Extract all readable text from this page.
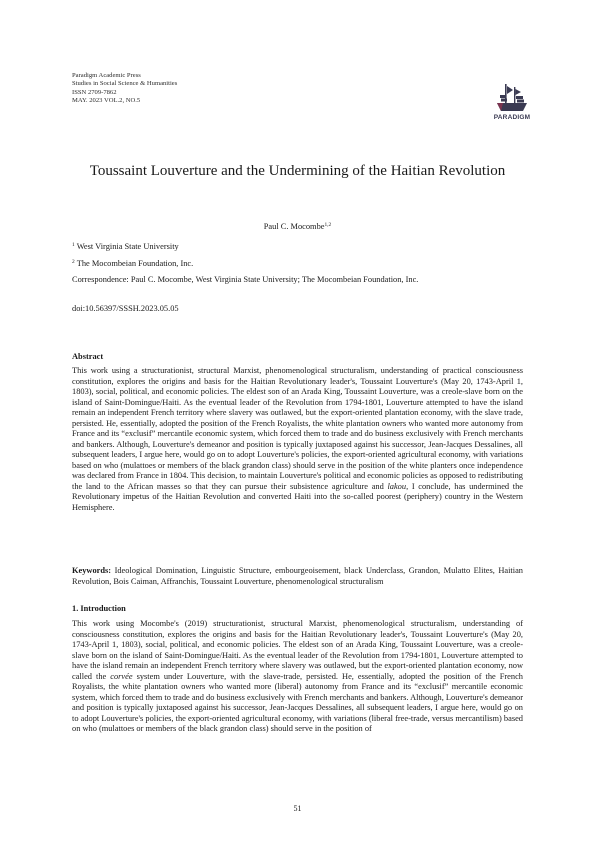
Paradigm Academic Press
Studies in Social Science & Humanities
ISSN 2709-7862
MAY. 2023 VOL.2, NO.5
PARADIGM
Toussaint Louverture and the Undermining of the Haitian Revolution
Paul C. Mocombe$^{1,2}$
$^1$ West Virginia State University
$^2$ The Mocombeian Foundation, Inc.
Correspondence: Paul C. Mocombe, West Virginia State University; The Mocombeian Foundation, Inc.
doi:10.56397/SSSH.2023.05.05
Abstract
This work using a structurationist, structural Marxist, phenomenological structuralism, understanding of practical consciousness constitution, explores the origins and basis for the Haitian Revolutionary leader's, Toussaint Louverture's (May 20, 1743-April 1, 1803), social, political, and economic policies. The eldest son of an Arada King, Toussaint Louverture, was a creole-slave born on the island of Saint-Domingue/Haiti. As the eventual leader of the Revolution from 1794-1801, Louverture attempted to have the island remain an independent French territory where slavery was outlawed, but the export-oriented plantation economy, with the slave trade, persisted. He, essentially, adopted the position of the French Royalists, the white plantation owners who wanted more autonomy from France and its “exclusif” mercantile economic system, which forced them to trade and do business exclusively with French merchants and bankers. Although, Louverture's demeanor and position is typically juxtaposed against his successor, Jean-Jacques Dessalines, all subsequent leaders, I argue here, would go on to adopt Louverture's policies, the export-oriented agricultural economy, with variations based on who (mulattoes or members of the black grandon class) should serve in the position of the white planters once independence was declared from France in 1804. This decision, to maintain Louverture's political and economic policies as opposed to redistributing the land to the African masses so that they can pursue their subsistence agriculture and lakou, I conclude, has undermined the Revolutionary impetus of the Haitian Revolution and converted Haiti into the so-called poorest (periphery) country in the Western Hemisphere.
Keywords: Ideological Domination, Linguistic Structure, embourgeoisement, black Underclass, Grandon, Mulatto Elites, Haitian Revolution, Bois Caiman, Affranchis, Toussaint Louverture, phenomenological structuralism
1. Introduction
This work using Mocombe's (2019) structurationist, structural Marxist, phenomenological structuralism, understanding of consciousness constitution, explores the origins and basis for the Haitian Revolutionary leader's, Toussaint Louverture's (May 20, 1743-April 1, 1803), social, political, and economic policies. The eldest son of an Arada King, Toussaint Louverture, was a creole-slave born on the island of Saint-Domingue/Haiti. As the eventual leader of the Revolution from 1794-1801, Louverture attempted to have the island remain an independent French territory where slavery was outlawed, but the export-oriented plantation economy, now called the corvée system under Louverture, with the slave-trade, persisted. He, essentially, adopted the position of the French Royalists, the white plantation owners who wanted more (liberal) autonomy from France and its “exclusif” mercantile economic system, which forced them to trade and do business exclusively with French merchants and bankers. Although, Louverture's demeanor and position is typically juxtaposed against his successor, Jean-Jacques Dessalines, all subsequent leaders, I argue here, would go on to adopt Louverture's policies, the export-oriented agricultural economy, with variations (liberal free-trade, versus mercantilism) based on who (mulattoes or members of the black grandon class) should serve in the position of
51
